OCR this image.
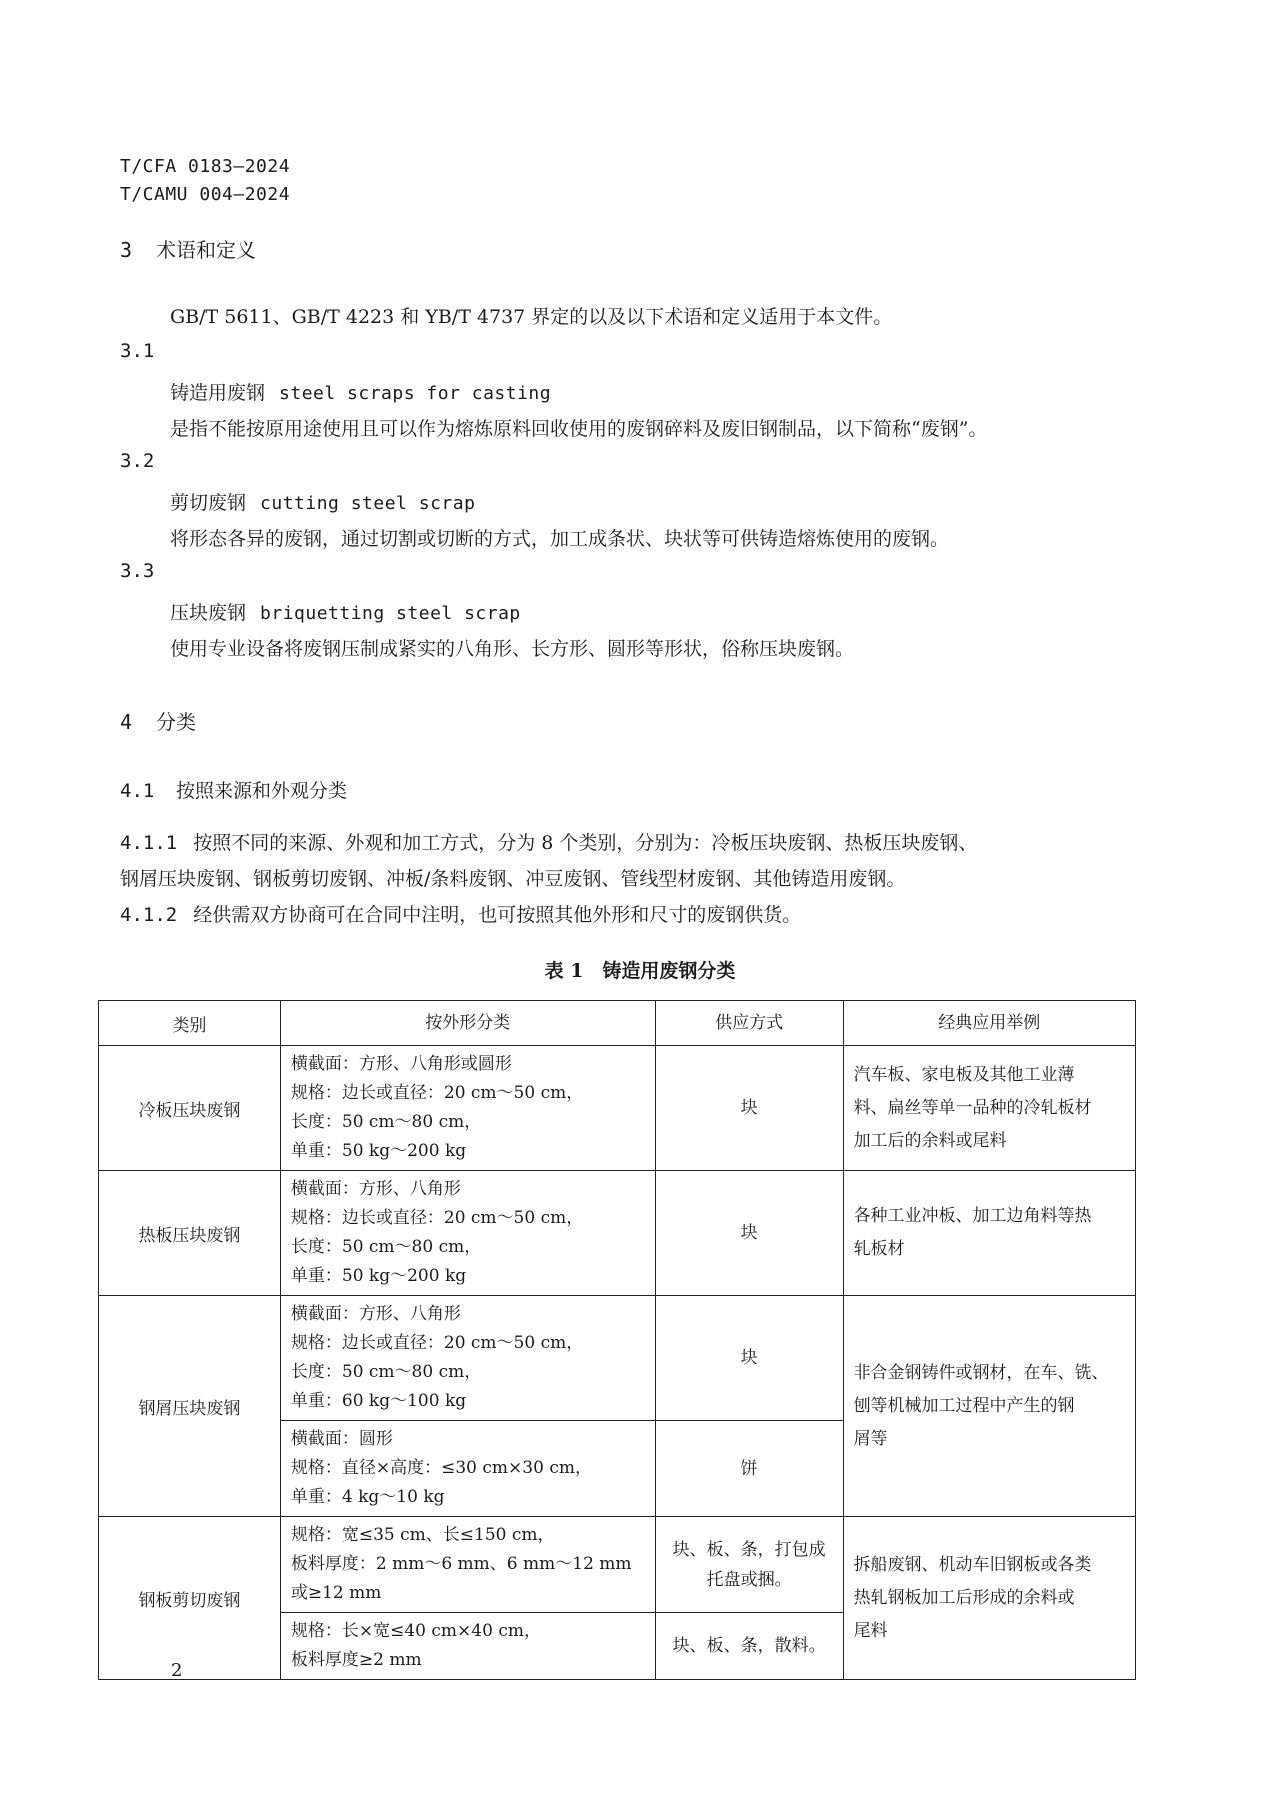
T/CFA 0183—2024
T/CAMU 004—2024
3 术语和定义
GB/T 5611、GB/T 4223 和 YB/T 4737 界定的以及以下术语和定义适用于本文件。
3.1
铸造用废钢 steel scraps for casting
是指不能按原用途使用且可以作为熔炼原料回收使用的废钢碎料及废旧钢制品，以下简称“废钢”。
3.2
剪切废钢 cutting steel scrap
将形态各异的废钢，通过切割或切断的方式，加工成条状、块状等可供铸造熔炼使用的废钢。
3.3
压块废钢 briquetting steel scrap
使用专业设备将废钢压制成紧实的八角形、长方形、圆形等形状，俗称压块废钢。
4 分类
4.1 按照来源和外观分类
4.1.1 按照不同的来源、外观和加工方式，分为 8 个类别，分别为：冷板压块废钢、热板压块废钢、
钢屑压块废钢、钢板剪切废钢、冲板/条料废钢、冲豆废钢、管线型材废钢、其他铸造用废钢。
4.1.2 经供需双方协商可在合同中注明，也可按照其他外形和尺寸的废钢供货。
表 1　铸造用废钢分类
类别	按外形分类	供应方式	经典应用举例
冷板压块废钢	横截面：方形、八角形或圆形
规格：边长或直径：20 cm～50 cm，
长度：50 cm～80 cm，
单重：50 kg～200 kg	块	汽车板、家电板及其他工业薄
料、扁丝等单一品种的冷轧板材
加工后的余料或尾料

热板压块废钢	横截面：方形、八角形
规格：边长或直径：20 cm～50 cm，
长度：50 cm～80 cm，
单重：50 kg～200 kg	块	各种工业冲板、加工边角料等热
轧板材

钢屑压块废钢	横截面：方形、八角形
规格：边长或直径：20 cm～50 cm，
长度：50 cm～80 cm，
单重：60 kg～100 kg	块	非合金钢铸件或钢材，在车、铣、
刨等机械加工过程中产生的钢
屑等

	横截面：圆形
规格：直径×高度：≤30 cm×30 cm，
单重：4 kg～10 kg	饼	
钢板剪切废钢	规格：宽≤35 cm、长≤150 cm，
板料厚度：2 mm～6 mm、6 mm～12 mm
或≥12 mm	块、板、条，打包成
托盘或捆。	拆船废钢、机动车旧钢板或各类
热轧钢板加工后形成的余料或
尾料

	规格：长×宽≤40 cm×40 cm，
板料厚度≥2 mm	块、板、条，散料。	
2
